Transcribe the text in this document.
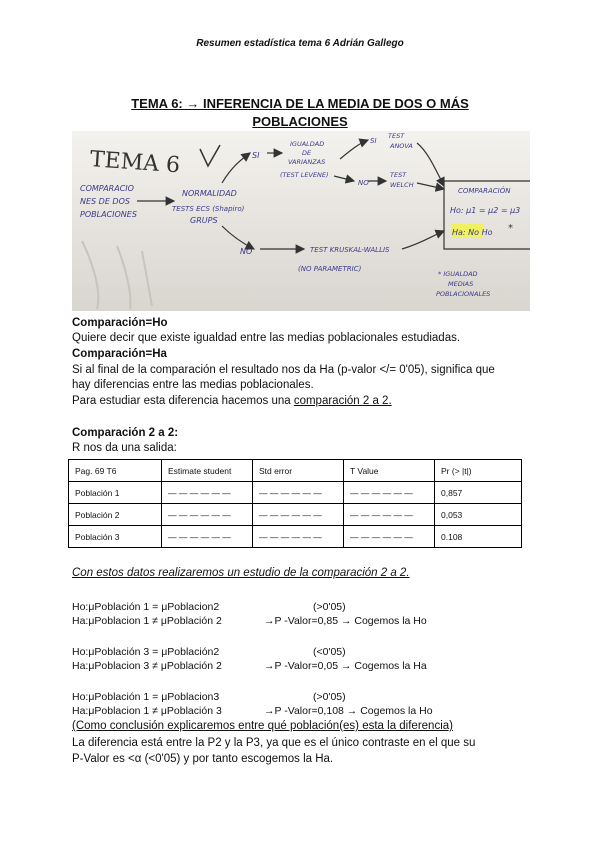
Resumen estadística tema 6 Adrián Gallego
TEMA 6: → INFERENCIA DE LA MEDIA DE DOS O MÁS
POBLACIONES
TEMA 6
COMPARACIO
NES DE DOS
POBLACIONES
NORMALIDAD
TESTS ECS (Shapiro)
GRUPS
SI
NO
IGUALDAD
DE
VARIANZAS
(TEST LEVENE)
SI
NO
TEST
ANOVA
TEST
WELCH
TEST KRUSKAL-WALLIS
(NO PARAMETRIC)
COMPARACIÓN
Ho: μ1 = μ2 = μ3
* IGUALDAD
MEDIAS
POBLACIONALES
Ha: No Ho *
Comparación=Ho
Quiere decir que existe igualdad entre las medias poblacionales estudiadas.
Comparación=Ha
Si al final de la comparación el resultado nos da Ha (p-valor </= 0'05), significa que
hay diferencias entre las medias poblacionales.
Para estudiar esta diferencia hacemos una comparación 2 a 2.
Comparación 2 a 2:
R nos da una salida:
Pag. 69 T6	Estimate student	Std error	T Value	Pr (> |t|)
Población 1	— — — — — —	— — — — — —	— — — — — —	0,857
Población 2	— — — — — —	— — — — — —	— — — — — —	0,053
Población 3	— — — — — —	— — — — — —	— — — — — —	0.108
Con estos datos realizaremos un estudio de la comparación 2 a 2.
Ho:μPoblación 1 = μPoblacion2	(>0'05)
Ha:μPoblacion 1 ≠ μPoblación 2	→P -Valor=0,85 → Cogemos la Ho
Ho:μPoblación 3 = μPoblación2	(<0'05)
Ha:μPoblacion 3 ≠ μPoblación 2	→P -Valor=0,05 → Cogemos la Ha
Ho:μPoblación 1 = μPoblacion3	(>0'05)
Ha:μPoblacion 1 ≠ μPoblación 3	→P -Valor=0,108 → Cogemos la Ho
(Como conclusión explicaremos entre qué población(es) esta la diferencia)
La diferencia está entre la P2 y la P3, ya que es el único contraste en el que su
P-Valor es <α (<0'05) y por tanto escogemos la Ha.
